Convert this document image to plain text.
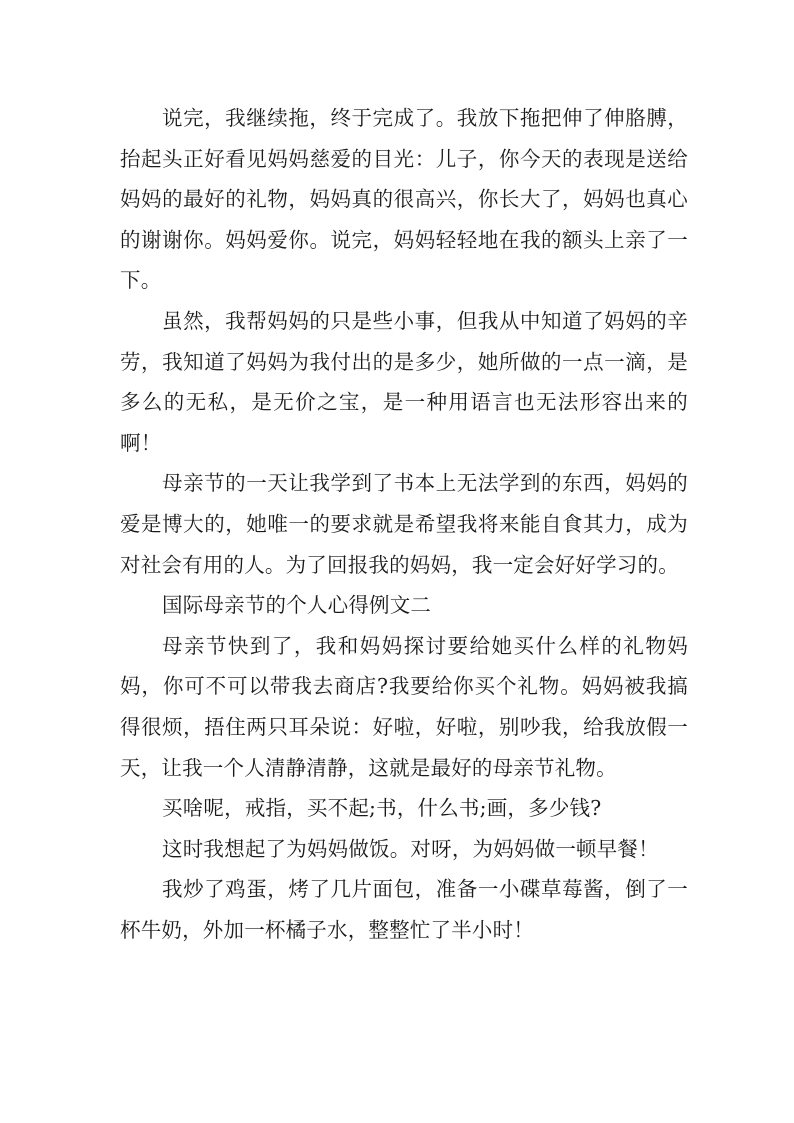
说完，我继续拖，终于完成了。我放下拖把伸了伸胳膊，抬起头正好看见妈妈慈爱的目光：儿子，你今天的表现是送给妈妈的最好的礼物，妈妈真的很高兴，你长大了，妈妈也真心的谢谢你。妈妈爱你。说完，妈妈轻轻地在我的额头上亲了一下。

虽然，我帮妈妈的只是些小事，但我从中知道了妈妈的辛劳，我知道了妈妈为我付出的是多少，她所做的一点一滴，是多么的无私，是无价之宝，是一种用语言也无法形容出来的啊！

母亲节的一天让我学到了书本上无法学到的东西，妈妈的爱是博大的，她唯一的要求就是希望我将来能自食其力，成为对社会有用的人。为了回报我的妈妈，我一定会好好学习的。

国际母亲节的个人心得例文二

母亲节快到了，我和妈妈探讨要给她买什么样的礼物妈妈，你可不可以带我去商店?我要给你买个礼物。妈妈被我搞得很烦，捂住两只耳朵说：好啦，好啦，别吵我，给我放假一天，让我一个人清静清静，这就是最好的母亲节礼物。

买啥呢，戒指，买不起;书，什么书;画，多少钱?

这时我想起了为妈妈做饭。对呀，为妈妈做一顿早餐！

我炒了鸡蛋，烤了几片面包，准备一小碟草莓酱，倒了一杯牛奶，外加一杯橘子水，整整忙了半小时！
